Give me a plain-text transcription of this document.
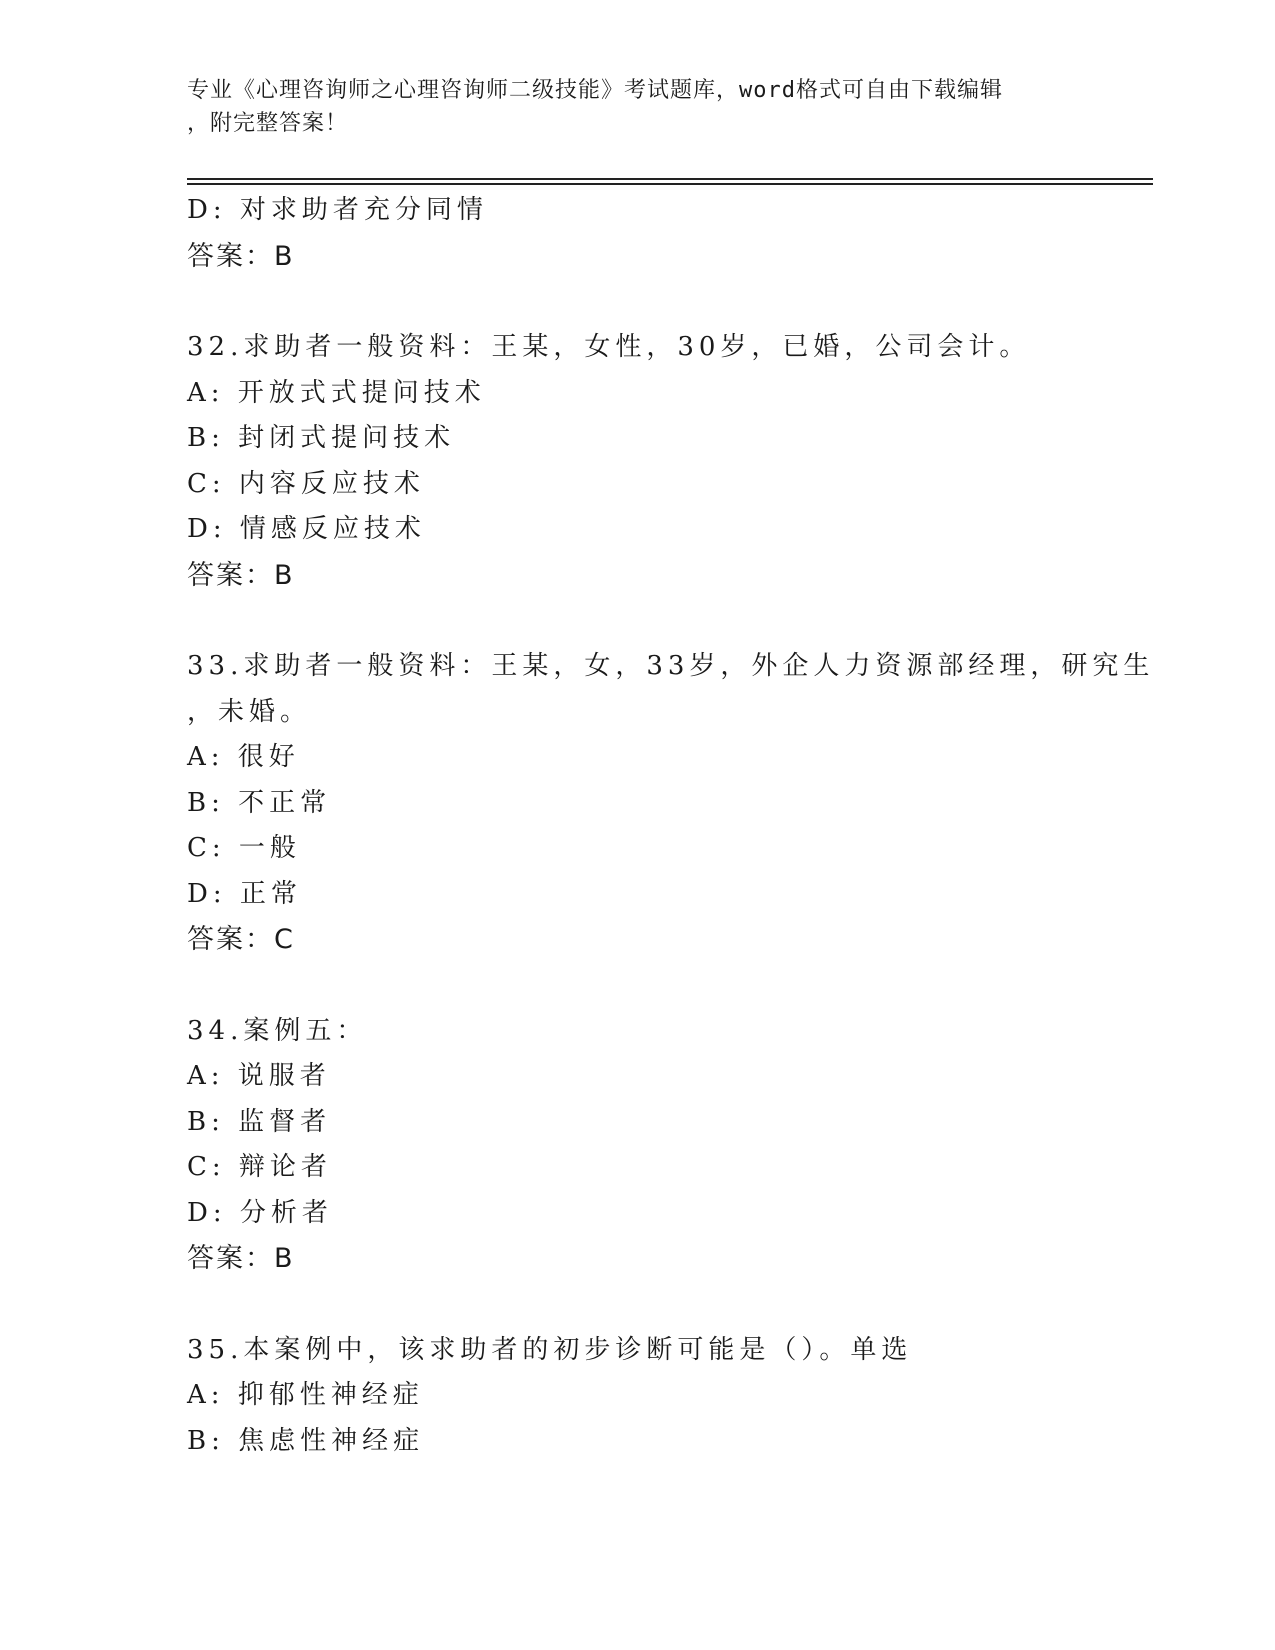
专业《心理咨询师之心理咨询师二级技能》考试题库，word格式可自由下载编辑
，附完整答案！
D: 对求助者充分同情
答案：B
32.求助者一般资料：王某，女性，30岁，已婚，公司会计。
A: 开放式式提问技术
B: 封闭式提问技术
C: 内容反应技术
D: 情感反应技术
答案：B
33.求助者一般资料：王某，女，33岁，外企人力资源部经理，研究生
，未婚。
A: 很好
B: 不正常
C: 一般
D: 正常
答案：C
34.案例五：
A: 说服者
B: 监督者
C: 辩论者
D: 分析者
答案：B
35.本案例中，该求助者的初步诊断可能是（）。单选
A: 抑郁性神经症
B: 焦虑性神经症
